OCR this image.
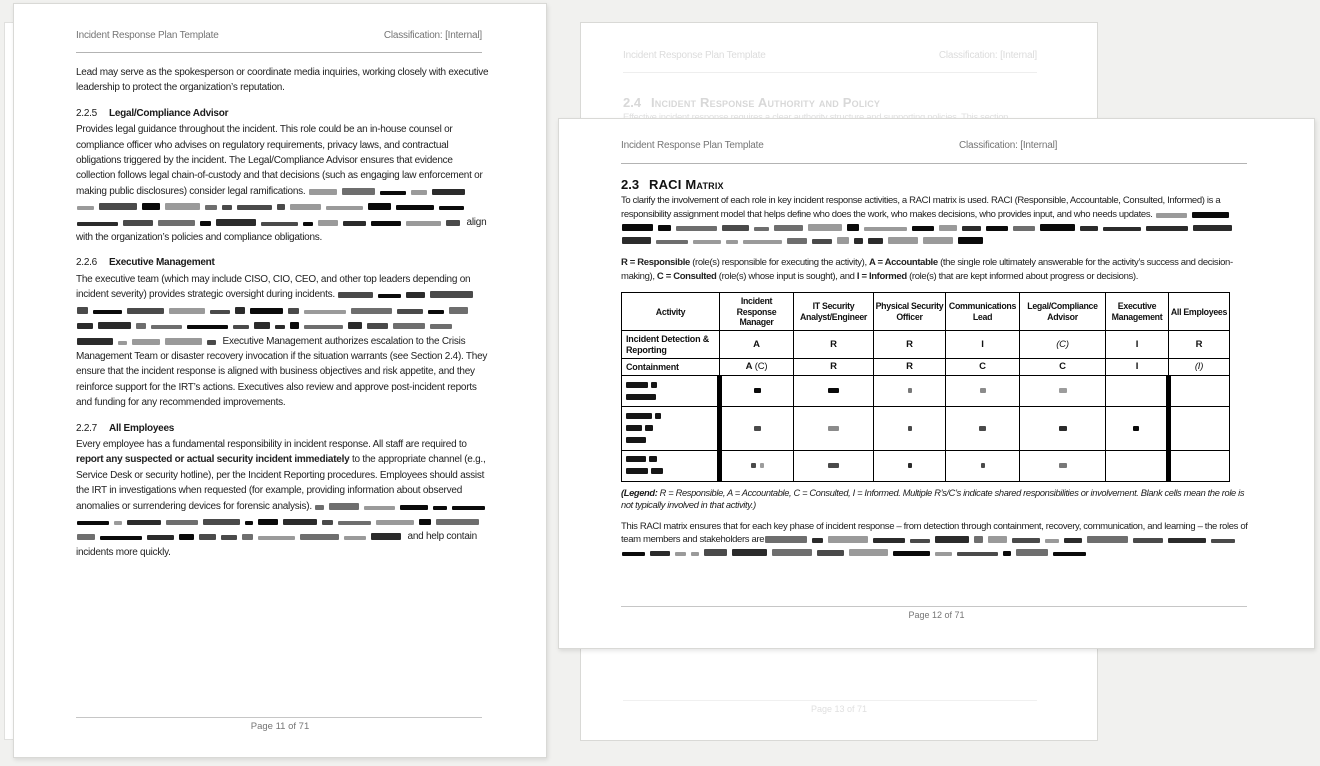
Incident Response Plan Template	Classification: [Internal]

Lead may serve as the spokesperson or coordinate media inquiries, working closely with executive leadership to protect the organization’s reputation.

2.2.5 Legal/Compliance Advisor

Provides legal guidance throughout the incident. This role could be an in-house counsel or compliance officer who advises on regulatory requirements, privacy laws, and contractual obligations triggered by the incident. The Legal/Compliance Advisor ensures that evidence collection follows legal chain-of-custody and that decisions (such as engaging law enforcement or making public disclosures) consider legal ramifications.  align with the organization’s policies and compliance obligations.

2.2.6 Executive Management

The executive team (which may include CISO, CIO, CEO, and other top leaders depending on incident severity) provides strategic oversight during incidents.  Executive Management authorizes escalation to the Crisis Management Team or disaster recovery invocation if the situation warrants (see Section 2.4). They ensure that the incident response is aligned with business objectives and risk appetite, and they reinforce support for the IRT’s actions. Executives also review and approve post-incident reports and funding for any recommended improvements.

2.2.7 All Employees

Every employee has a fundamental responsibility in incident response. All staff are required to report any suspected or actual security incident immediately to the appropriate channel (e.g., Service Desk or security hotline), per the Incident Reporting procedures. Employees should assist the IRT in investigations when requested (for example, providing information about observed anomalies or surrendering devices for forensic analysis).  and help contain incidents more quickly.

Page 11 of 71
Incident Response Plan Template	Classification: [Internal]
2.4 Incident Response Authority and Policy
Page 13 of 71
Incident Response Plan Template	Classification: [Internal]
2.3 RACI Matrix

To clarify the involvement of each role in key incident response activities, a RACI matrix is used. RACI (Responsible, Accountable, Consulted, Informed) is a responsibility assignment model that helps define who does the work, who makes decisions, who provides input, and who needs updates.

R = Responsible (role(s) responsible for executing the activity), A = Accountable (the single role ultimately answerable for the activity’s success and decision-making), C = Consulted (role(s) whose input is sought), and I = Informed (role(s) that are kept informed about progress or decisions).

Activity	Incident Response Manager	IT Security Analyst/Engineer	Physical Security Officer	Communications Lead	Legal/Compliance Advisor	Executive Management	All Employees
Incident Detection & Reporting	A	R	R	I	(C)	I	R
Containment	A (C)	R	R	C	C	I	(I)

(Legend: R = Responsible, A = Accountable, C = Consulted, I = Informed. Multiple R’s/C’s indicate shared responsibilities or involvement. Blank cells mean the role is not typically involved in that activity.)

This RACI matrix ensures that for each key phase of incident response – from detection through containment, recovery, communication, and learning – the roles of team members and stakeholders are

Page 12 of 71
